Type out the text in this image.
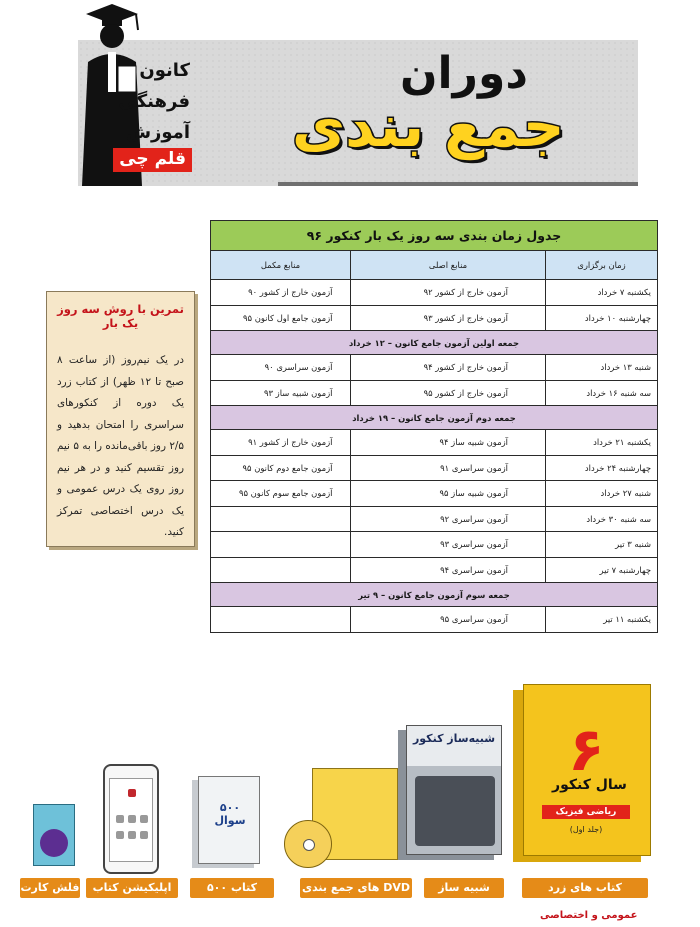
کانون
فرهنگی
آموزش
قلم چی
دوران
جمع بندی
تمرین با روش سه روز یک بار
در یک نیم‌روز (از ساعت ۸ صبح تا ۱۲ ظهر) از کتاب زرد یک دوره از کنکورهای سراسری را امتحان بدهید و ۲/۵ روز باقی‌مانده را به ۵ نیم روز تقسیم کنید و در هر نیم روز روی یک درس عمومی و یک درس اختصاصی تمرکز کنید.
جدول زمان بندی سه روز یک بار کنکور ۹۶		
زمان برگزاری	منابع اصلی	منابع مکمل
یکشنبه ۷ خرداد	آزمون خارج از کشور ۹۲	آزمون خارج از کشور ۹۰
چهارشنبه ۱۰ خرداد	آزمون خارج از کشور ۹۳	آزمون جامع اول کانون ۹۵
جمعه اولین آزمون جامع کانون – ۱۲ خرداد		
شنبه ۱۳ خرداد	آزمون خارج از کشور ۹۴	آزمون سراسری ۹۰
سه شنبه ۱۶ خرداد	آزمون خارج از کشور ۹۵	آزمون شبیه ساز ۹۳
جمعه دوم آزمون جامع کانون – ۱۹ خرداد		
یکشنبه ۲۱ خرداد	آزمون شبیه ساز ۹۴	آزمون خارج از کشور ۹۱
چهارشنبه ۲۴ خرداد	آزمون سراسری ۹۱	آزمون جامع دوم کانون ۹۵
شنبه ۲۷ خرداد	آزمون شبیه ساز ۹۵	آزمون جامع سوم کانون ۹۵
سه شنبه ۳۰ خرداد	آزمون سراسری ۹۲	
شنبه ۳ تیر	آزمون سراسری ۹۳	
چهارشنبه ۷ تیر	آزمون سراسری ۹۴	
جمعه سوم آزمون جامع کانون – ۹ تیر		
یکشنبه ۱۱ تیر	آزمون سراسری ۹۵	
۶
سال کنکور
ریاضی فیزیک
(جلد اول)
شبیه‌ساز کنکور
۵۰۰ سوال
کتاب های زرد
شبیه ساز کنکور
DVD های جمع بندی
کتاب ۵۰۰ سوال
اپلیکیشن کتاب زرد
فلش کارت
عمومی و اختصاصی
